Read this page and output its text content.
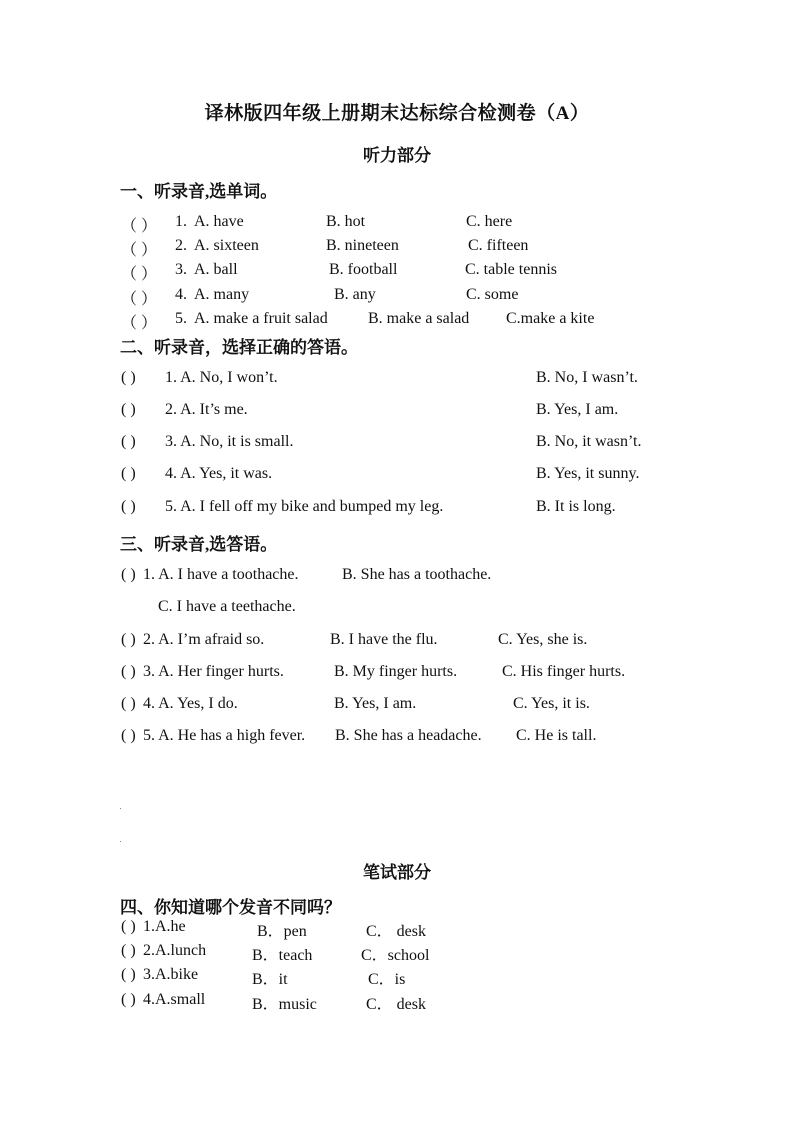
译林版四年级上册期末达标综合检测卷（A）
听力部分
一、听录音,选单词。
（ ） 1. A. have	B. hot	C. here
（ ） 2. A. sixteen	B. nineteen	C. fifteen
（ ） 3. A. ball	B. football	C. table tennis
（ ） 4. A. many	B. any	C. some
（ ） 5. A. make a fruit salad	B. make a salad C.make a kite
二、听录音，选择正确的答语。
( ) 1. A. No, I won’t.	B. No, I wasn’t.
( ) 2. A. It’s me.	B. Yes, I am.
( ) 3. A. No, it is small.	B. No, it wasn’t.
( ) 4. A. Yes, it was.	B. Yes, it sunny.
( ) 5. A. I fell off my bike and bumped my leg.	B. It is long.
三、听录音,选答语。
( ) 1. A. I have a toothache.	B. She has a toothache.
C. I have a teethache.
( ) 2. A. I’m afraid so.	B. I have the flu.	C. Yes, she is.
( ) 3. A. Her finger hurts.	B. My finger hurts.	C. His finger hurts.
( ) 4. A. Yes, I do.	B. Yes, I am.	C. Yes, it is.
( ) 5. A. He has a high fever. B. She has a headache. C. He is tall.
笔试部分
四、你知道哪个发音不同吗？
( ) 1.A.he	B．pen	C． desk
( ) 2.A.lunch	B．teach	C．school
( ) 3.A.bike	B．it	C．is
( ) 4.A.small	B．music	C． desk
